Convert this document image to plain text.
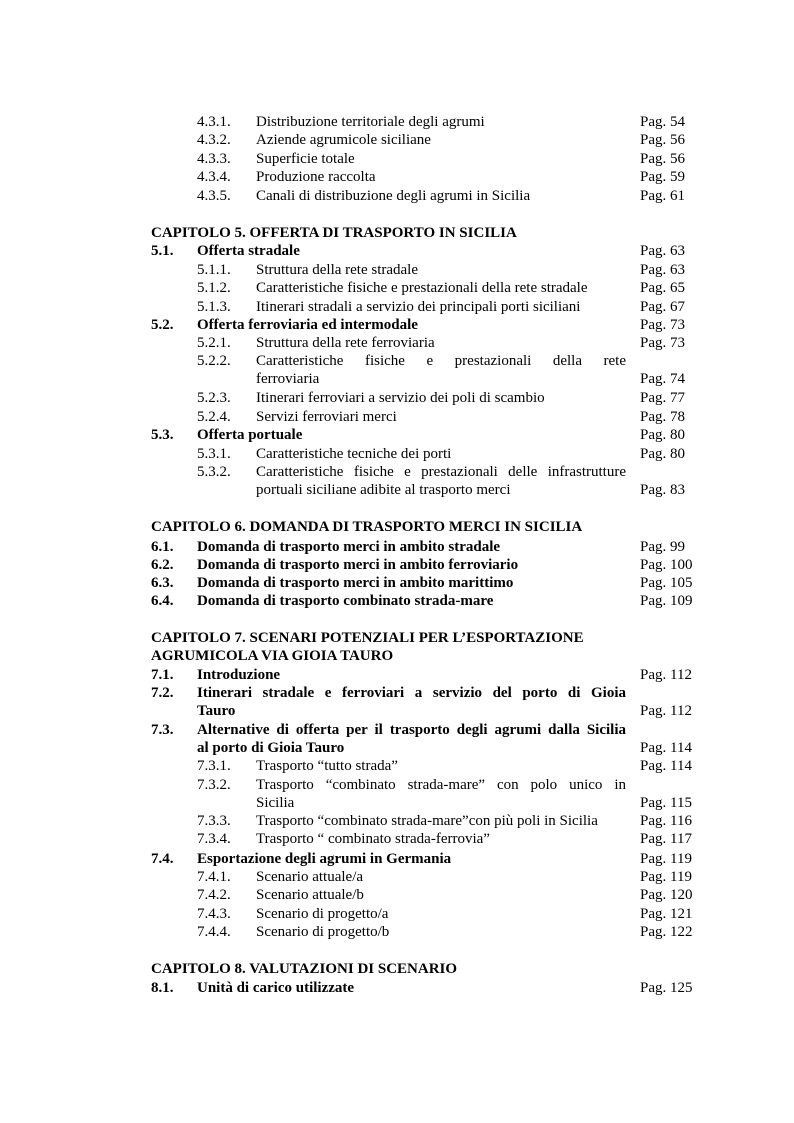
4.3.1. Distribuzione territoriale degli agrumi	Pag. 54
4.3.2. Aziende agrumicole siciliane	Pag. 56
4.3.3. Superficie totale	Pag. 56
4.3.4. Produzione raccolta	Pag. 59
4.3.5. Canali di distribuzione degli agrumi in Sicilia	Pag. 61
CAPITOLO 5. OFFERTA DI TRASPORTO IN SICILIA
5.1. Offerta stradale	Pag. 63
5.1.1. Struttura della rete stradale	Pag. 63
5.1.2. Caratteristiche fisiche e prestazionali della rete stradale	Pag. 65
5.1.3. Itinerari stradali a servizio dei principali porti siciliani	Pag. 67
5.2. Offerta ferroviaria ed intermodale	Pag. 73
5.2.1. Struttura della rete ferroviaria	Pag. 73
5.2.2. Caratteristiche fisiche e prestazionali della rete
ferroviaria	Pag. 74
5.2.3. Itinerari ferroviari a servizio dei poli di scambio	Pag. 77
5.2.4. Servizi ferroviari merci	Pag. 78
5.3. Offerta portuale	Pag. 80
5.3.1. Caratteristiche tecniche dei porti	Pag. 80
5.3.2. Caratteristiche fisiche e prestazionali delle infrastrutture
portuali siciliane adibite al trasporto merci	Pag. 83
CAPITOLO 6. DOMANDA DI TRASPORTO MERCI IN SICILIA
6.1. Domanda di trasporto merci in ambito stradale	Pag. 99
6.2. Domanda di trasporto merci in ambito ferroviario	Pag. 100
6.3. Domanda di trasporto merci in ambito marittimo	Pag. 105
6.4. Domanda di trasporto combinato strada-mare	Pag. 109
CAPITOLO 7. SCENARI POTENZIALI PER L’ESPORTAZIONE
AGRUMICOLA VIA GIOIA TAURO
7.1. Introduzione	Pag. 112
7.2. Itinerari stradale e ferroviari a servizio del porto di Gioia
Tauro	Pag. 112
7.3. Alternative di offerta per il trasporto degli agrumi dalla Sicilia
al porto di Gioia Tauro	Pag. 114
7.3.1. Trasporto “tutto strada”	Pag. 114
7.3.2. Trasporto “combinato strada-mare” con polo unico in
Sicilia	Pag. 115
7.3.3. Trasporto “combinato strada-mare”con più poli in Sicilia	Pag. 116
7.3.4. Trasporto “ combinato strada-ferrovia”	Pag. 117
7.4. Esportazione degli agrumi in Germania	Pag. 119
7.4.1. Scenario attuale/a	Pag. 119
7.4.2. Scenario attuale/b	Pag. 120
7.4.3. Scenario di progetto/a	Pag. 121
7.4.4. Scenario di progetto/b	Pag. 122
CAPITOLO 8. VALUTAZIONI DI SCENARIO
8.1. Unità di carico utilizzate	Pag. 125
